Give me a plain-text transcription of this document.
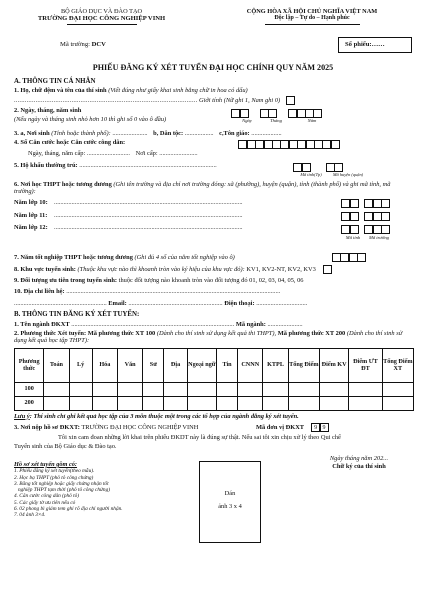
BỘ GIÁO DỤC VÀ ĐÀO TẠO
TRƯỜNG ĐẠI HỌC CÔNG NGHIỆP VINH
CỘNG HÒA XÃ HỘI CHỦ NGHĨA VIỆT NAM
Độc lập – Tự do – Hạnh phúc
Mã trường: DCV	Số phiếu:……
PHIẾU ĐĂNG KÝ XÉT TUYỂN ĐẠI HỌC CHÍNH QUY NĂM 2025
A. THÔNG TIN CÁ NHÂN
1. Họ, chữ đệm và tên của thí sinh (Viết đúng như giấy khai sinh bằng chữ in hoa có dấu)
...................................................................................................... Giới tính (Nữ ghi 1, Nam ghi 0)
2. Ngày, tháng, năm sinh
(Nếu ngày và tháng sinh nhỏ hơn 10 thì ghi số 0 vào ô đầu)

	Ngày	Tháng	Năm
3. a, Nơi sinh (Tỉnh hoặc thành phố): ...................... b, Dân tộc: .................. c,Tôn giáo: ...................
4. Số Căn cước hoặc Căn cước công dân:
Ngày, tháng, năm cấp: ........................... Nơi cấp: ........................
5. Hộ khẩu thường trú: ......................................................................................

Mã tỉnh(Tp)	Mã huyện (quận)
6. Nơi học THPT hoặc tương đương (Ghi tên trường và địa chỉ nơi trường đóng: xã (phường), huyện (quận), tỉnh (thành phố) và ghi mã tỉnh, mã trường):
Năm lớp 10: ......................................................................................................................
Năm lớp 11: ......................................................................................................................
Năm lớp 12: ......................................................................................................................
Mã tỉnh	Mã trường
7. Năm tốt nghiệp THPT hoặc tương đương (Ghi đủ 4 số của năm tốt nghiệp vào ô)
8. Khu vực tuyển sinh: (Thuộc khu vực nào thì khoanh tròn vào ký hiệu của khu vực đó): KV1, KV2-NT, KV2, KV3
9. Đối tượng ưu tiên trong tuyển sinh: thuộc đối tượng nào khoanh tròn vào đối tượng đó 01, 02, 03, 04, 05, 06
10. Địa chỉ liên hệ: ......................................................................................................................................
.......................................................... Email: ........................................................... Điện thoại: ................................
B. THÔNG TIN ĐĂNG KÝ XÉT TUYỂN:
1. Tên ngành ĐKXT ...................................................................................................... Mã ngành: ......................
2. Phương thức Xét tuyển: Mã phương thức XT 100 (Dành cho thí sinh sử dụng kết quả thi THPT), Mã phương thức XT 200 (Dành cho thí sinh sử dụng kết quả học tập THPT):
Phương thức	Toán	Lý	Hóa	Văn	Sử	Địa	Ngoại ngữ	Tin	CNNN	KTPL	Tổng Điểm	Điểm KV	Điểm ƯT ĐT	Tổng Điểm XT
100														
200														
Lưu ý: Thí sinh chỉ ghi kết quả học tập của 3 môn thuộc một trong các tổ hợp của ngành đăng ký xét tuyển.
3. Nơi nộp hồ sơ ĐKXT: TRƯỜNG ĐẠI HỌC CÔNG NGHIỆP VINH	Mã đơn vị ĐKXT	9 9
Tôi xin cam đoan những lời khai trên phiếu ĐKDT này là đúng sự thật. Nếu sai tôi xin chịu xử lý theo Qui chế
Tuyển sinh của Bộ Giáo dục & Đào tạo.
Hồ sơ xét tuyển gồm có:
1. Phiếu đăng ký xét tuyển(theo mẫu).
2. Học bạ THPT (phô tô công chứng)
3. Bằng tốt nghiệp hoặc giấy chứng nhận tốt
nghiệp THPT tạm thời (phô tô công chứng)
4. Căn cước công dân (phô tô)
5. Các giấy tờ ưu tiên nếu có
6. 02 phong bì giám tem ghi rõ địa chỉ người nhận.
7. 04 ảnh 3×4.
Dán
ảnh 3 x 4
Ngày tháng năm 202...
Chữ ký của thí sinh
